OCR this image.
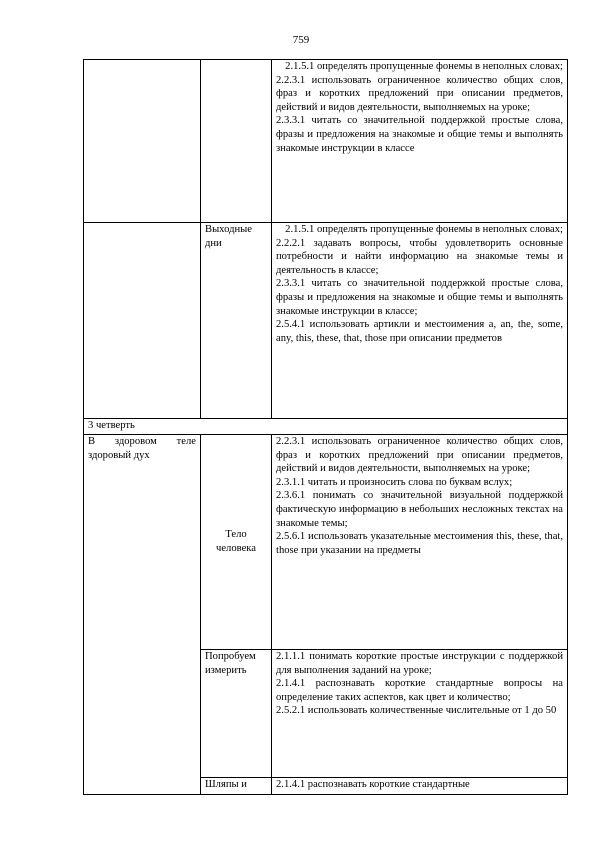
759

		2.1.5.1 определять пропущенные фонемы в неполных словах;
2.2.3.1 использовать ограниченное количество общих слов, фраз и коротких предложений при описании предметов, действий и видов деятельности, выполняемых на уроке;
2.3.3.1 читать со значительной поддержкой простые слова, фразы и предложения на знакомые и общие темы и выполнять знакомые инструкции в классе

	Выходные дни	2.1.5.1 определять пропущенные фонемы в неполных словах;
2.2.2.1 задавать вопросы, чтобы удовлетворить основные потребности и найти информацию на знакомые темы и деятельность в классе;
2.3.3.1 читать со значительной поддержкой простые слова, фразы и предложения на знакомые и общие темы и выполнять знакомые инструкции в классе;
2.5.4.1 использовать артикли и местоимения a, an, the, some, any, this, these, that, those при описании предметов

3 четверть		
В здоровом теле здоровый дух	Тело человека	2.2.3.1 использовать ограниченное количество общих слов, фраз и коротких предложений при описании предметов, действий и видов деятельности, выполняемых на уроке;
2.3.1.1 читать и произносить слова по буквам вслух;
2.3.6.1 понимать со значительной визуальной поддержкой фактическую информацию в небольших несложных текстах на знакомые темы;
2.5.6.1 использовать указательные местоимения this, these, that, those при указании на предметы

	Попробуем измерить	2.1.1.1 понимать короткие простые инструкции с поддержкой для выполнения заданий на уроке;
2.1.4.1 распознавать короткие стандартные вопросы на определение таких аспектов, как цвет и количество;
2.5.2.1 использовать количественные числительные от 1 до 50

	Шляпы и	2.1.4.1 распознавать короткие стандартные
